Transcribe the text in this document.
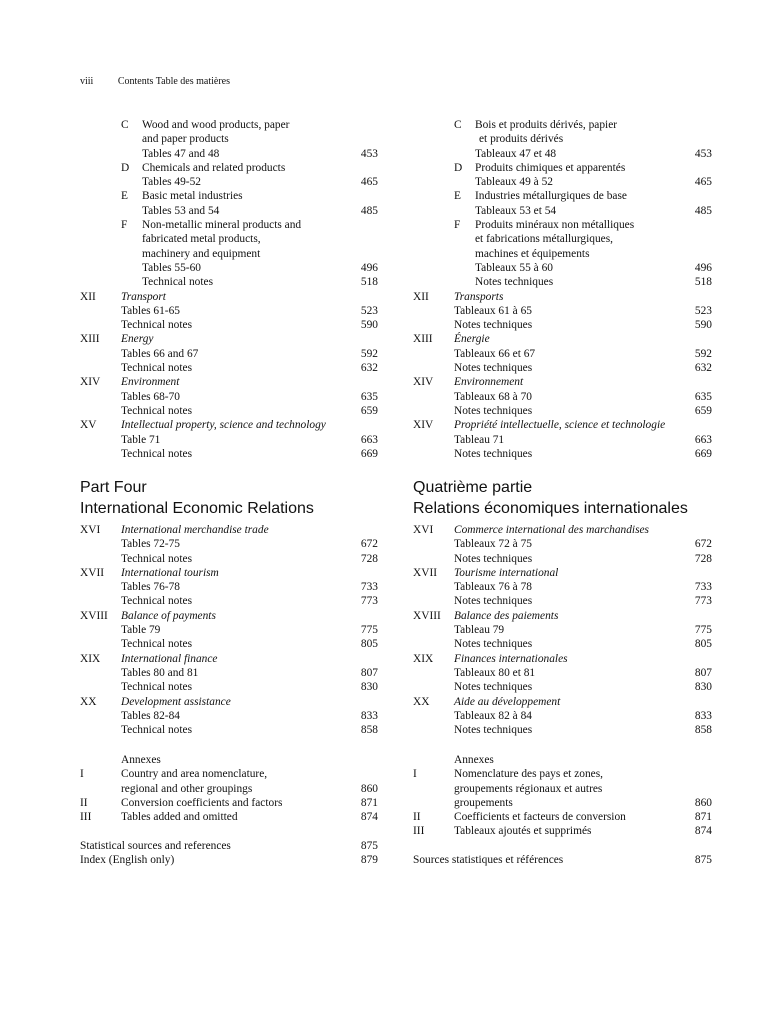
viii Contents Table des matières
C Wood and wood products, paper
and paper products
Tables 47 and 48	453
D Chemicals and related products
Tables 49-52	465
E Basic metal industries
Tables 53 and 54	485
F Non-metallic mineral products and
fabricated metal products,
machinery and equipment
Tables 55-60	496
Technical notes	518
XII Transport
Tables 61-65	523
Technical notes	590
XIII Energy
Tables 66 and 67	592
Technical notes	632
XIV Environment
Tables 68-70	635
Technical notes	659
XV Intellectual property, science and technology
Table 71	663
Technical notes	669
Part Four
International Economic Relations
XVI International merchandise trade
Tables 72-75	672
Technical notes	728
XVII International tourism
Tables 76-78	733
Technical notes	773
XVIII Balance of payments
Table 79	775
Technical notes	805
XIX International finance
Tables 80 and 81	807
Technical notes	830
XX Development assistance
Tables 82-84	833
Technical notes	858
Annexes
I	Country and area nomenclature,
regional and other groupings	860
II	Conversion coefficients and factors	871
III	Tables added and omitted	874
Statistical sources and references	875
Index (English only)	879
C Bois et produits dérivés, papier
et produits dérivés
Tableaux 47 et 48	453
D Produits chimiques et apparentés
Tableaux 49 à 52	465
E Industries métallurgiques de base
Tableaux 53 et 54	485
F Produits minéraux non métalliques
et fabrications métallurgiques,
machines et équipements
Tableaux 55 à 60	496
Notes techniques	518
XII Transports
Tableaux 61 à 65	523
Notes techniques	590
XIII Énergie
Tableaux 66 et 67	592
Notes techniques	632
XIV Environnement
Tableaux 68 à 70	635
Notes techniques	659
XIV Propriété intellectuelle, science et technologie
Tableau 71	663
Notes techniques	669
Quatrième partie
Relations économiques internationales
XVI Commerce international des marchandises
Tableaux 72 à 75	672
Notes techniques	728
XVII Tourisme international
Tableaux 76 à 78	733
Notes techniques	773
XVIII Balance des paiements
Tableau 79	775
Notes techniques	805
XIX Finances internationales
Tableaux 80 et 81	807
Notes techniques	830
XX Aide au développement
Tableaux 82 à 84	833
Notes techniques	858
Annexes
I	Nomenclature des pays et zones,
groupements régionaux et autres
groupements	860
II	Coefficients et facteurs de conversion	871
III	Tableaux ajoutés et supprimés	874
Sources statistiques et références	875
